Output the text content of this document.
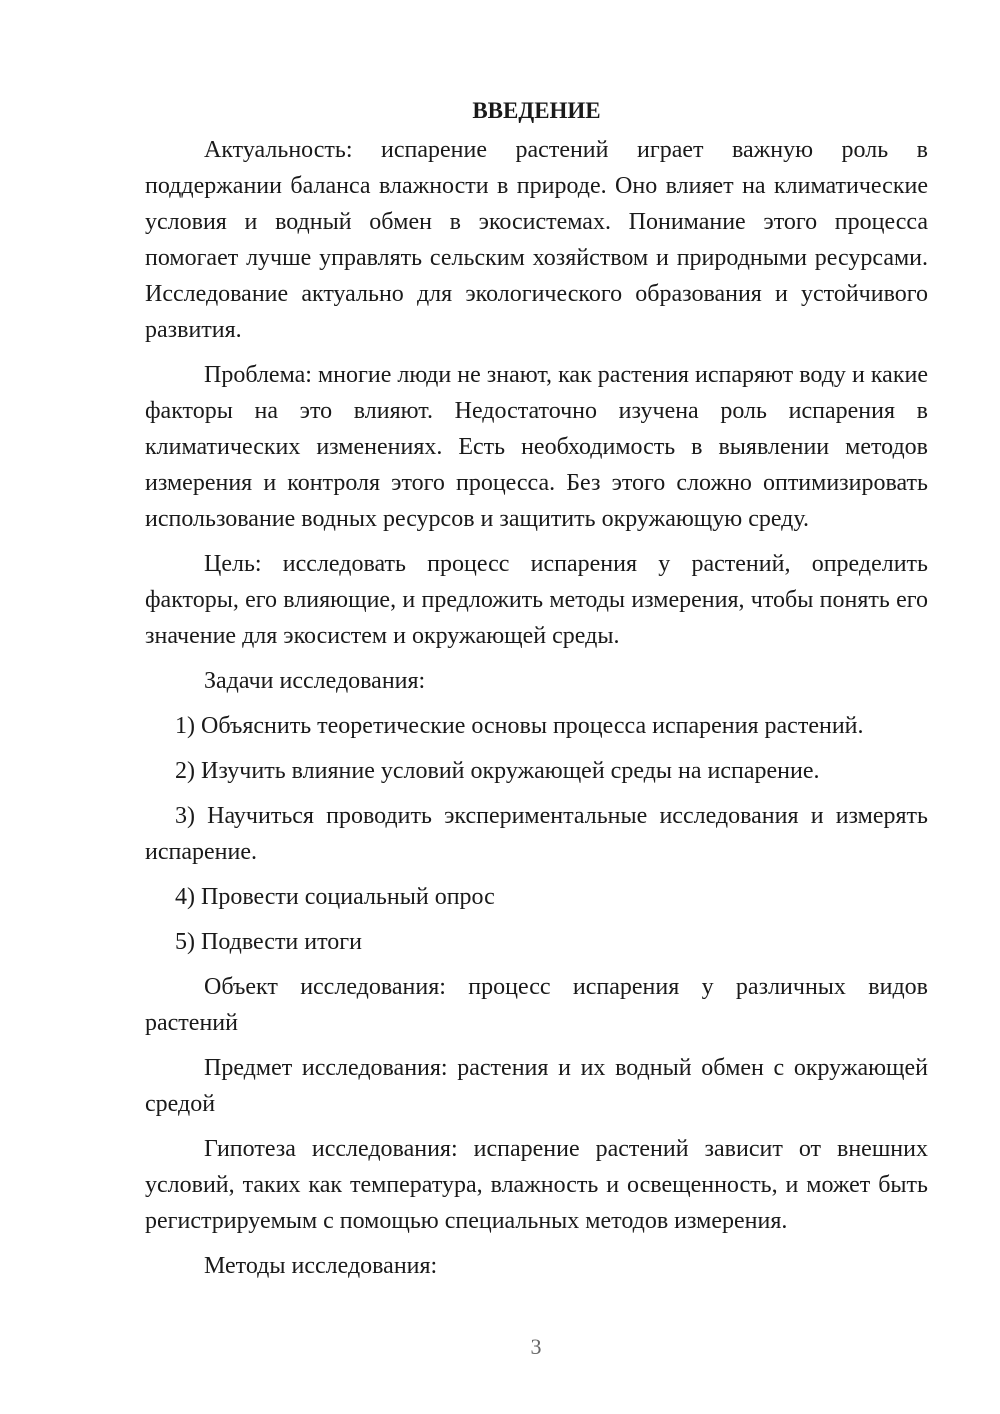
ВВЕДЕНИЕ

Актуальность: испарение растений играет важную роль в поддержании баланса влажности в природе. Оно влияет на климатические условия и водный обмен в экосистемах. Понимание этого процесса помогает лучше управлять сельским хозяйством и природными ресурсами. Исследование актуально для экологического образования и устойчивого развития.

Проблема: многие люди не знают, как растения испаряют воду и какие факторы на это влияют. Недостаточно изучена роль испарения в климатических изменениях. Есть необходимость в выявлении методов измерения и контроля этого процесса. Без этого сложно оптимизировать использование водных ресурсов и защитить окружающую среду.

Цель: исследовать процесс испарения у растений, определить факторы, его влияющие, и предложить методы измерения, чтобы понять его значение для экосистем и окружающей среды.

Задачи исследования:

1) Объяснить теоретические основы процесса испарения растений.

2) Изучить влияние условий окружающей среды на испарение.

3) Научиться проводить экспериментальные исследования и измерять испарение.

4) Провести социальный опрос

5) Подвести итоги

Объект исследования: процесс испарения у различных видов растений

Предмет исследования: растения и их водный обмен с окружающей средой

Гипотеза исследования: испарение растений зависит от внешних условий, таких как температура, влажность и освещенность, и может быть регистрируемым с помощью специальных методов измерения.

Методы исследования:

3
